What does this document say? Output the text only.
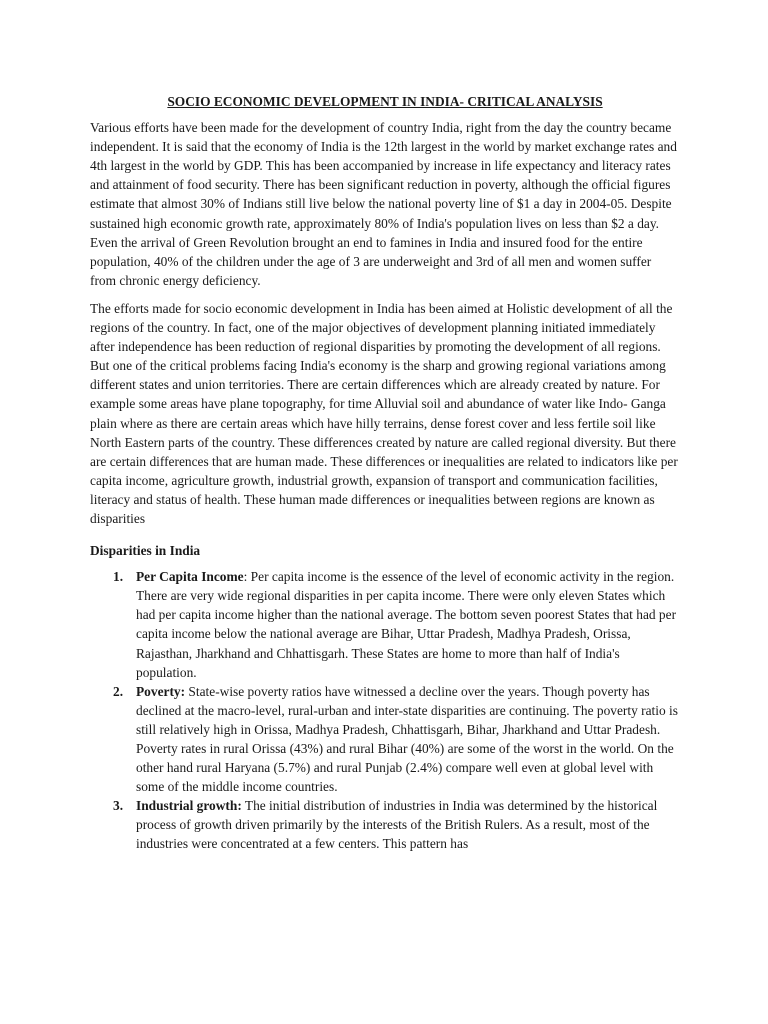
SOCIO ECONOMIC DEVELOPMENT IN INDIA- CRITICAL ANALYSIS

Various efforts have been made for the development of country India, right from the day the country became independent. It is said that the economy of India is the 12th largest in the world by market exchange rates and 4th largest in the world by GDP. This has been accompanied by increase in life expectancy and literacy rates and attainment of food security. There has been significant reduction in poverty, although the official figures estimate that almost 30% of Indians still live below the national poverty line of $1 a day in 2004-05. Despite sustained high economic growth rate, approximately 80% of India's population lives on less than $2 a day. Even the arrival of Green Revolution brought an end to famines in India and insured food for the entire population, 40% of the children under the age of 3 are underweight and 3rd of all men and women suffer from chronic energy deficiency.

The efforts made for socio economic development in India has been aimed at Holistic development of all the regions of the country. In fact, one of the major objectives of development planning initiated immediately after independence has been reduction of regional disparities by promoting the development of all regions. But one of the critical problems facing India's economy is the sharp and growing regional variations among different states and union territories. There are certain differences which are already created by nature. For example some areas have plane topography, for time Alluvial soil and abundance of water like Indo- Ganga plain where as there are certain areas which have hilly terrains, dense forest cover and less fertile soil like North Eastern parts of the country. These differences created by nature are called regional diversity. But there are certain differences that are human made. These differences or inequalities are related to indicators like per capita income, agriculture growth, industrial growth, expansion of transport and communication facilities, literacy and status of health. These human made differences or inequalities between regions are known as disparities

Disparities in India
1. Per Capita Income: Per capita income is the essence of the level of economic activity in the region. There are very wide regional disparities in per capita income. There were only eleven States which had per capita income higher than the national average. The bottom seven poorest States that had per capita income below the national average are Bihar, Uttar Pradesh, Madhya Pradesh, Orissa, Rajasthan, Jharkhand and Chhattisgarh. These States are home to more than half of India's population.
2. Poverty: State-wise poverty ratios have witnessed a decline over the years. Though poverty has declined at the macro-level, rural-urban and inter-state disparities are continuing. The poverty ratio is still relatively high in Orissa, Madhya Pradesh, Chhattisgarh, Bihar, Jharkhand and Uttar Pradesh. Poverty rates in rural Orissa (43%) and rural Bihar (40%) are some of the worst in the world. On the other hand rural Haryana (5.7%) and rural Punjab (2.4%) compare well even at global level with some of the middle income countries.
3. Industrial growth: The initial distribution of industries in India was determined by the historical process of growth driven primarily by the interests of the British Rulers. As a result, most of the industries were concentrated at a few centers. This pattern has
